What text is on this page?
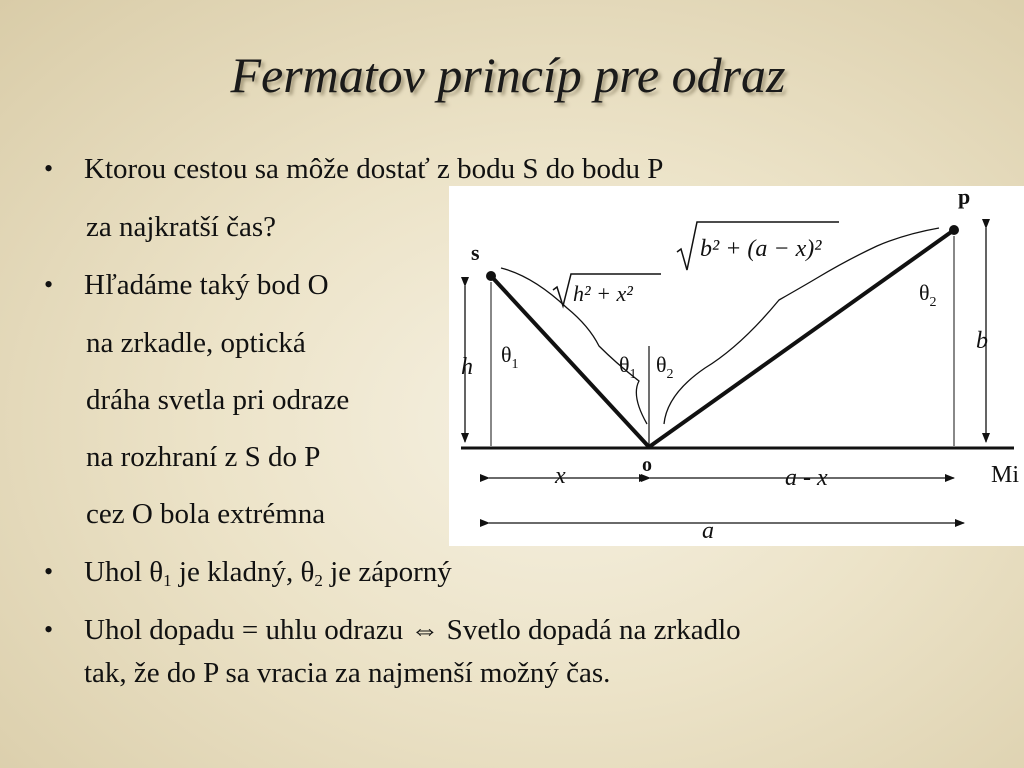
Fermatov princíp pre odraz
• Ktorou cestou sa môže dostať z bodu S do bodu P
za najkratší čas?
• Hľadáme taký bod O
na zrkadle, optická
dráha svetla pri odraze
na rozhraní z S do P
cez O bola extrémna
• Uhol $\theta_1$ je kladný, $\theta_2$ je záporný
• Uhol dopadu = uhlu odrazu ⇔ Svetlo dopadá na zrkadlo
tak, že do P sa vracia za najmenší možný čas.
s
p
o
h
b
x	a - x
a
Mi
$\theta_1$	$\theta_1$ $\theta_2$
$\theta_2$
h² + x²
b² + (a − x)²
